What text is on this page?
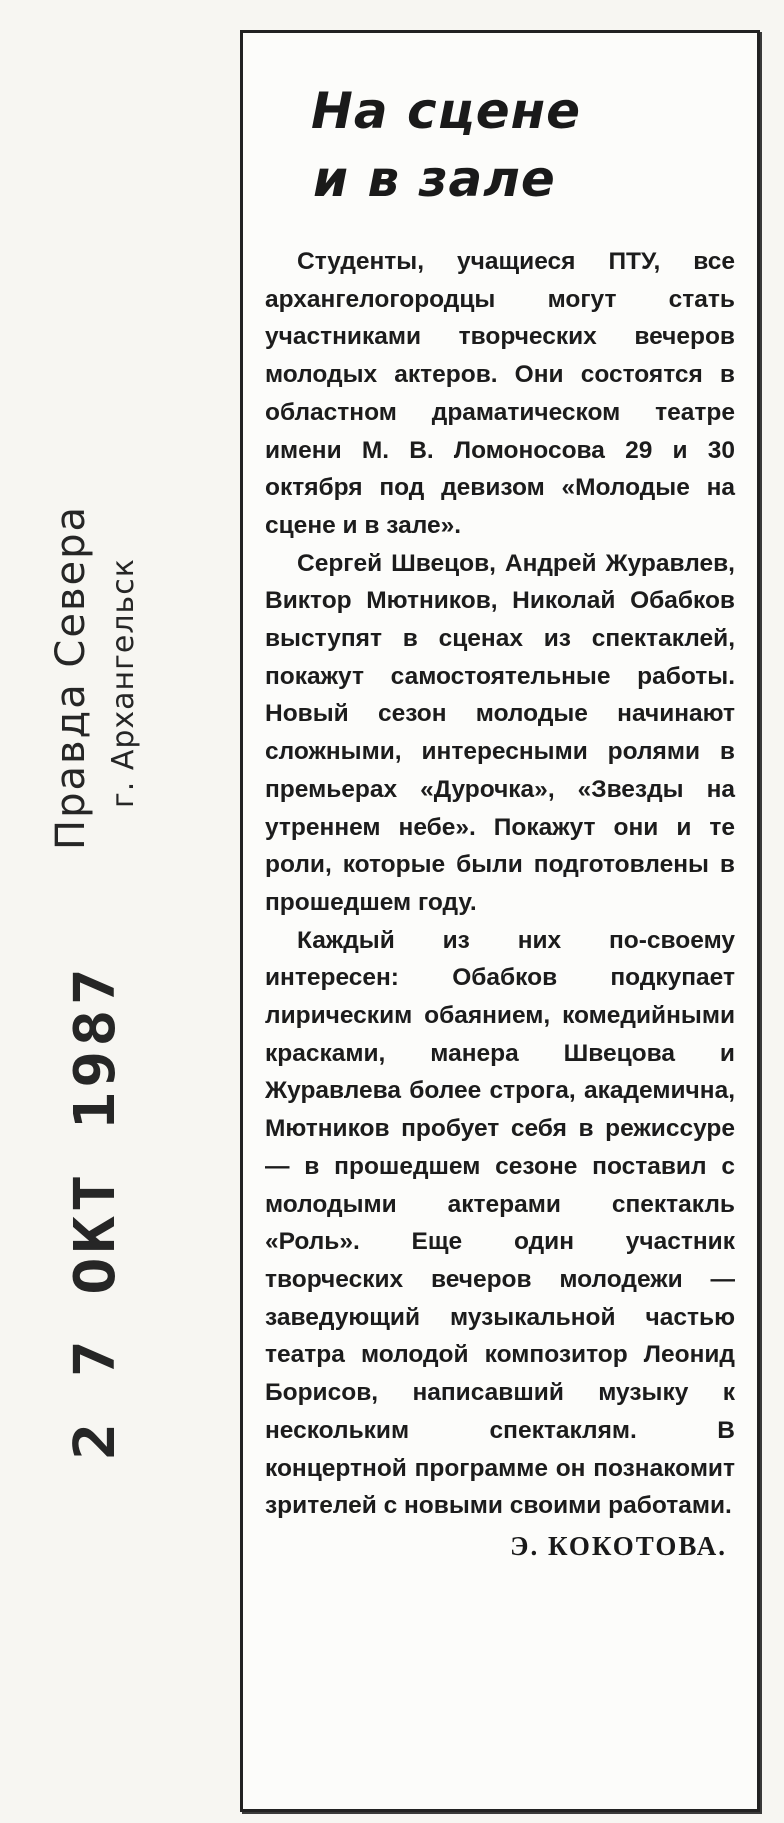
Правда Севера г. Архангельск
2 7 ОКТ 1987
На сцене
и в зале

Студенты, учащиеся ПТУ, все архангелогородцы могут стать участниками творческих вечеров молодых актеров. Они состоятся в областном драматическом театре имени М. В. Ломоносова 29 и 30 октября под девизом «Молодые на сцене и в зале».

Сергей Швецов, Андрей Журавлев, Виктор Мютников, Николай Обабков выступят в сценах из спектаклей, покажут самостоятельные работы. Новый сезон молодые начинают сложными, интересными ролями в премьерах «Дурочка», «Звезды на утреннем небе». Покажут они и те роли, которые были подготовлены в прошедшем году.

Каждый из них по-своему интересен: Обабков подкупает лирическим обаянием, комедийными красками, манера Швецова и Журавлева более строга, академична, Мютников пробует себя в режиссуре — в прошедшем сезоне поставил с молодыми актерами спектакль «Роль». Еще один участник творческих вечеров молодежи — заведующий музыкальной частью театра молодой композитор Леонид Борисов, написавший музыку к нескольким спектаклям. В концертной программе он познакомит зрителей с новыми своими работами.

Э. КОКОТОВА.
